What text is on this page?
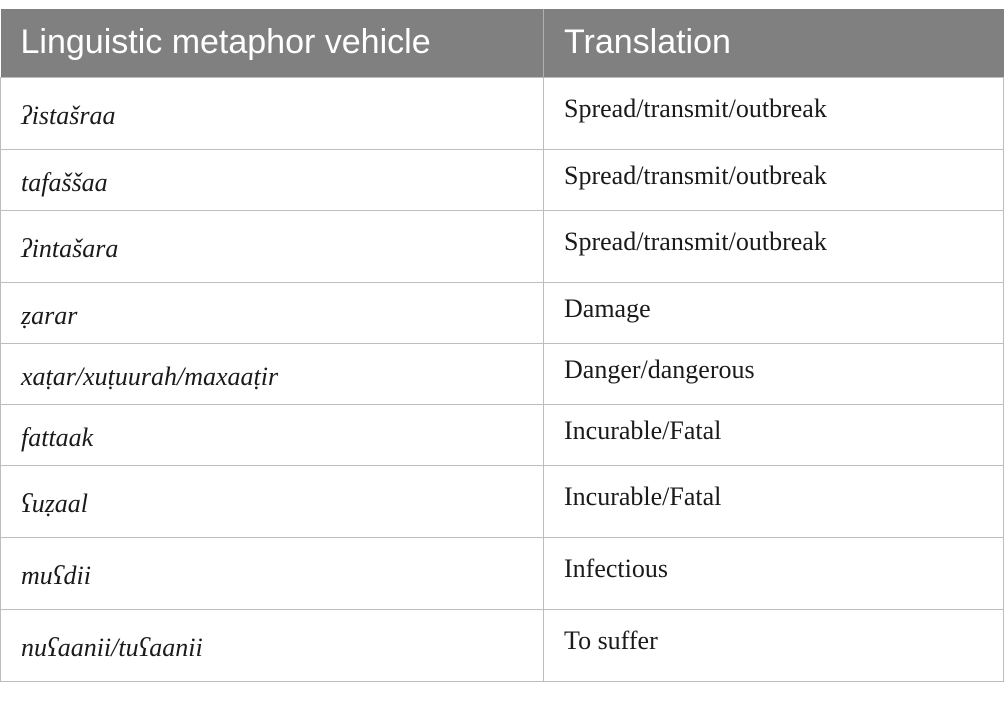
Linguistic metaphor vehicle	Translation
ʔistašraa	Spread/transmit/outbreak
tafaššaa	Spread/transmit/outbreak
ʔintašara	Spread/transmit/outbreak
ẓarar	Damage
xaṭar/xuṭuurah/maxaaṭir	Danger/dangerous
fattaak	Incurable/Fatal
ʕuẓaal	Incurable/Fatal
muʕdii	Infectious
nuʕaanii/tuʕaanii	To suffer
